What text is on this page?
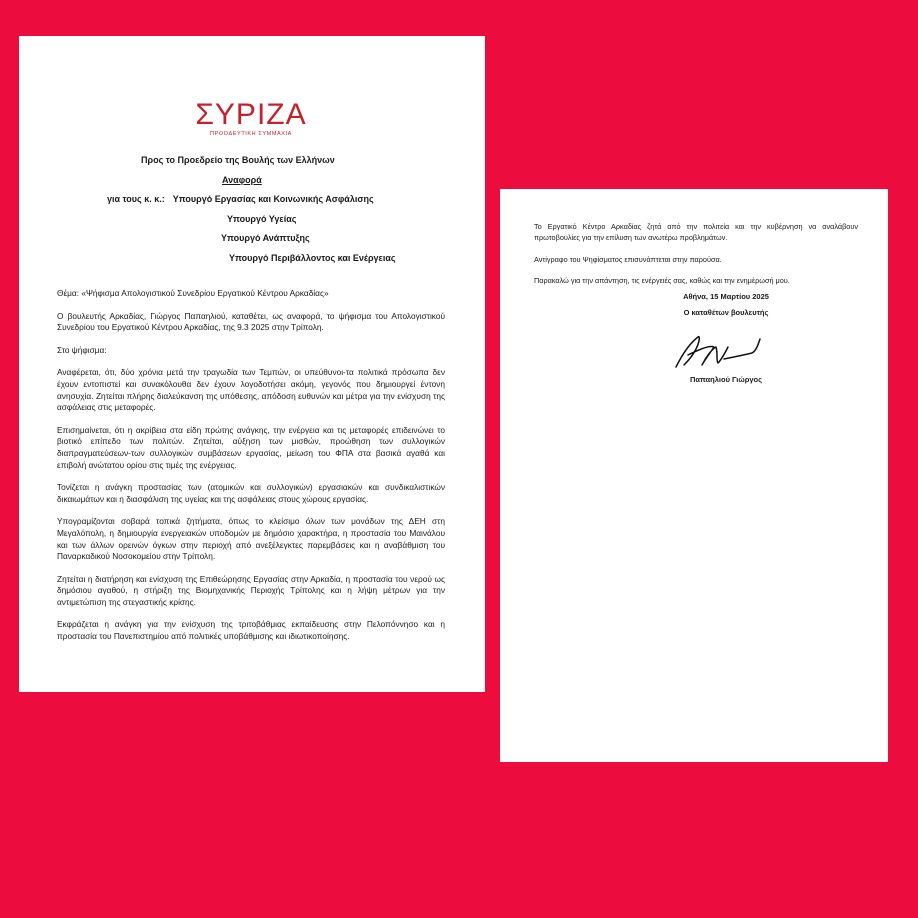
ΣΥΡΙΖΑ
ΠΡΟΟΔΕΥΤΙΚΗ ΣΥΜΜΑΧΙΑ
Προς το Προεδρείο της Βουλής των Ελλήνων
Αναφορά
για τους κ. κ.: Υπουργό Εργασίας και Κοινωνικής Ασφάλισης
Υπουργό Υγείας
Υπουργό Ανάπτυξης
Υπουργό Περιβάλλοντος και Ενέργειας

Θέμα: «Ψήφισμα Απολογιστικού Συνεδρίου Εργατικού Κέντρου Αρκαδίας»

Ο βουλευτής Αρκαδίας, Γιώργος Παπαηλιού, καταθέτει, ως αναφορά, το ψήφισμα του Απολογιστικού Συνεδρίου του Εργατικού Κέντρου Αρκαδίας, της 9.3 2025 στην Τρίπολη.

Στο ψήφισμα:

Αναφέρεται, ότι, δύο χρόνια μετά την τραγωδία των Τεμπών, οι υπεύθυνοι-τα πολιτικά πρόσωπα δεν έχουν εντοπιστεί και συνακόλουθα δεν έχουν λογοδοτήσει ακόμη, γεγονός που δημιουργεί έντονη ανησυχία. Ζητείται πλήρης διαλεύκανση της υπόθεσης, απόδοση ευθυνών και μέτρα για την ενίσχυση της ασφάλειας στις μεταφορές.

Επισημαίνεται, ότι η ακρίβεια στα είδη πρώτης ανάγκης, την ενέργεια και τις μεταφορές επιδεινώνει το βιοτικό επίπεδο των πολιτών. Ζητείται, αύξηση των μισθών, προώθηση των συλλογικών διαπραγματεύσεων-των συλλογικών συμβάσεων εργασίας, μείωση του ΦΠΑ στα βασικά αγαθά και επιβολή ανώτατου ορίου στις τιμές της ενέργειας.

Τονίζεται η ανάγκη προστασίας των (ατομικών και συλλογικών) εργασιακών και συνδικαλιστικών δικαιωμάτων και η διασφάλιση της υγείας και της ασφάλειας στους χώρους εργασίας.

Υπογραμίζονται σοβαρά τοπικά ζητήματα, όπως το κλείσιμο όλων των μονάδων της ΔΕΗ στη Μεγαλόπολη, η δημιουργία ενεργειακών υποδομών με δημόσιο χαρακτήρα, η προστασία του Μαινάλου και των άλλων ορεινών όγκων στην περιοχή από ανεξέλεγκτες παρεμβάσεις και η αναβάθμιση του Παναρκαδικού Νοσοκομείου στην Τρίπολη.

Ζητείται η διατήρηση και ενίσχυση της Επιθεώρησης Εργασίας στην Αρκαδία, η προστασία του νερού ως δημόσιου αγαθού, η στήριξη της Βιομηχανικής Περιοχής Τρίπολης και η λήψη μέτρων για την αντιμετώπιση της στεγαστικής κρίσης.

Εκφράζεται η ανάγκη για την ενίσχυση της τριτοβάθμιας εκπαίδευσης στην Πελοπόννησο και η προστασία του Πανεπιστημίου από πολιτικές υποβάθμισης και ιδιωτικοποίησης.

Το Εργατικό Κέντρο Αρκαδίας ζητά από την πολιτεία και την κυβέρνηση να αναλάβουν πρωτοβουλίες για την επίλυση των ανωτέρω προβλημάτων.

Αντίγραφο του Ψηφίσματος επισυνάπτεται στην παρούσα.

Παρακαλώ για την απάντηση, τις ενέργειές σας, καθώς και την ενημέρωσή μου.

Αθήνα, 15 Μαρτίου 2025
Ο καταθέτων βουλευτής
Παπαηλιού Γιώργος
